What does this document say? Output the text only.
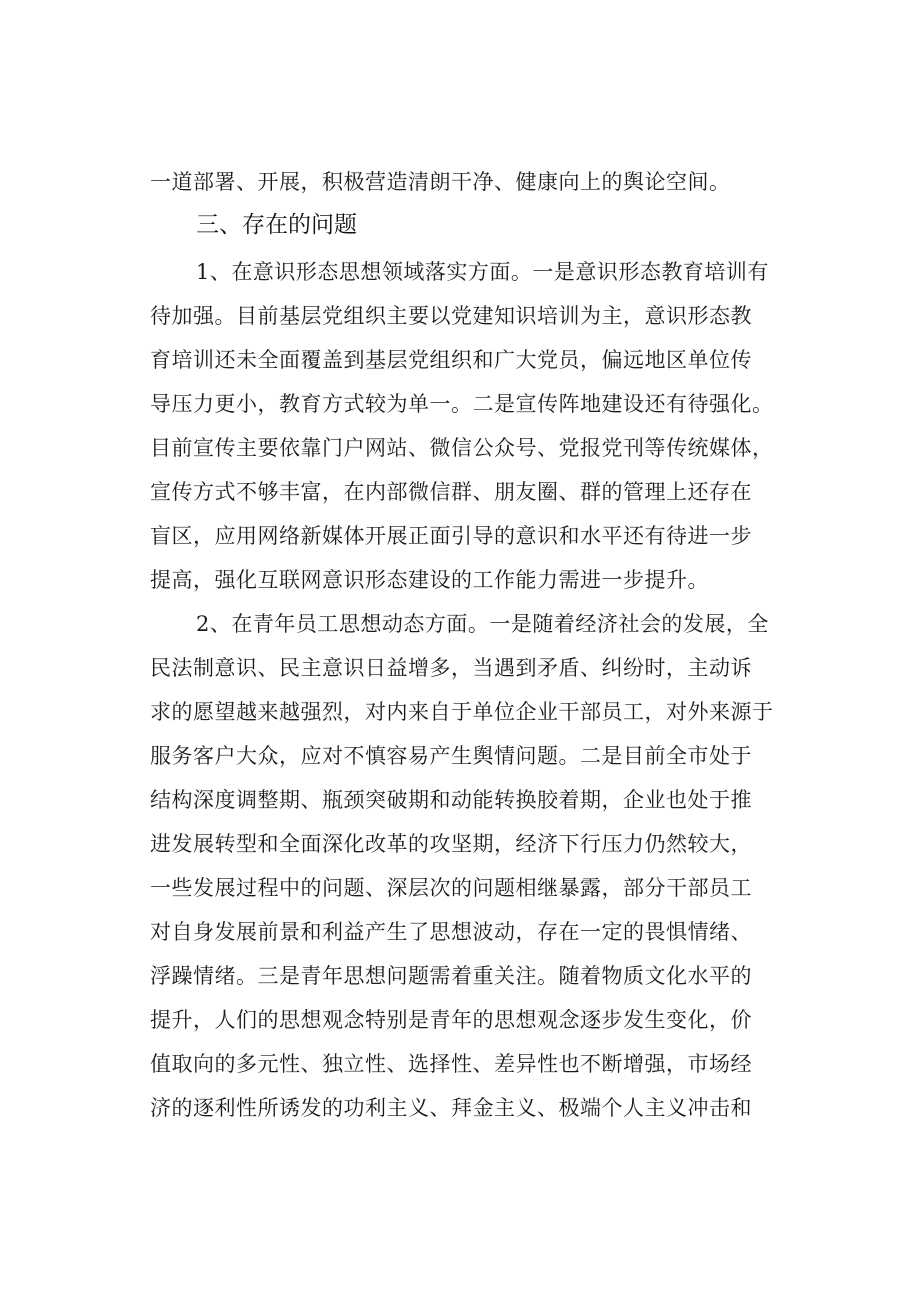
一道部署、开展，积极营造清朗干净、健康向上的舆论空间。
三、存在的问题
1、在意识形态思想领域落实方面。一是意识形态教育培训有
待加强。目前基层党组织主要以党建知识培训为主，意识形态教
育培训还未全面覆盖到基层党组织和广大党员，偏远地区单位传
导压力更小，教育方式较为单一。二是宣传阵地建设还有待强化。
目前宣传主要依靠门户网站、微信公众号、党报党刊等传统媒体，
宣传方式不够丰富，在内部微信群、朋友圈、群的管理上还存在
盲区，应用网络新媒体开展正面引导的意识和水平还有待进一步
提高，强化互联网意识形态建设的工作能力需进一步提升。
2、在青年员工思想动态方面。一是随着经济社会的发展，全
民法制意识、民主意识日益增多，当遇到矛盾、纠纷时，主动诉
求的愿望越来越强烈，对内来自于单位企业干部员工，对外来源于
服务客户大众，应对不慎容易产生舆情问题。二是目前全市处于
结构深度调整期、瓶颈突破期和动能转换胶着期，企业也处于推
进发展转型和全面深化改革的攻坚期，经济下行压力仍然较大，
一些发展过程中的问题、深层次的问题相继暴露，部分干部员工
对自身发展前景和利益产生了思想波动，存在一定的畏惧情绪、
浮躁情绪。三是青年思想问题需着重关注。随着物质文化水平的
提升，人们的思想观念特别是青年的思想观念逐步发生变化，价
值取向的多元性、独立性、选择性、差异性也不断增强，市场经
济的逐利性所诱发的功利主义、拜金主义、极端个人主义冲击和
